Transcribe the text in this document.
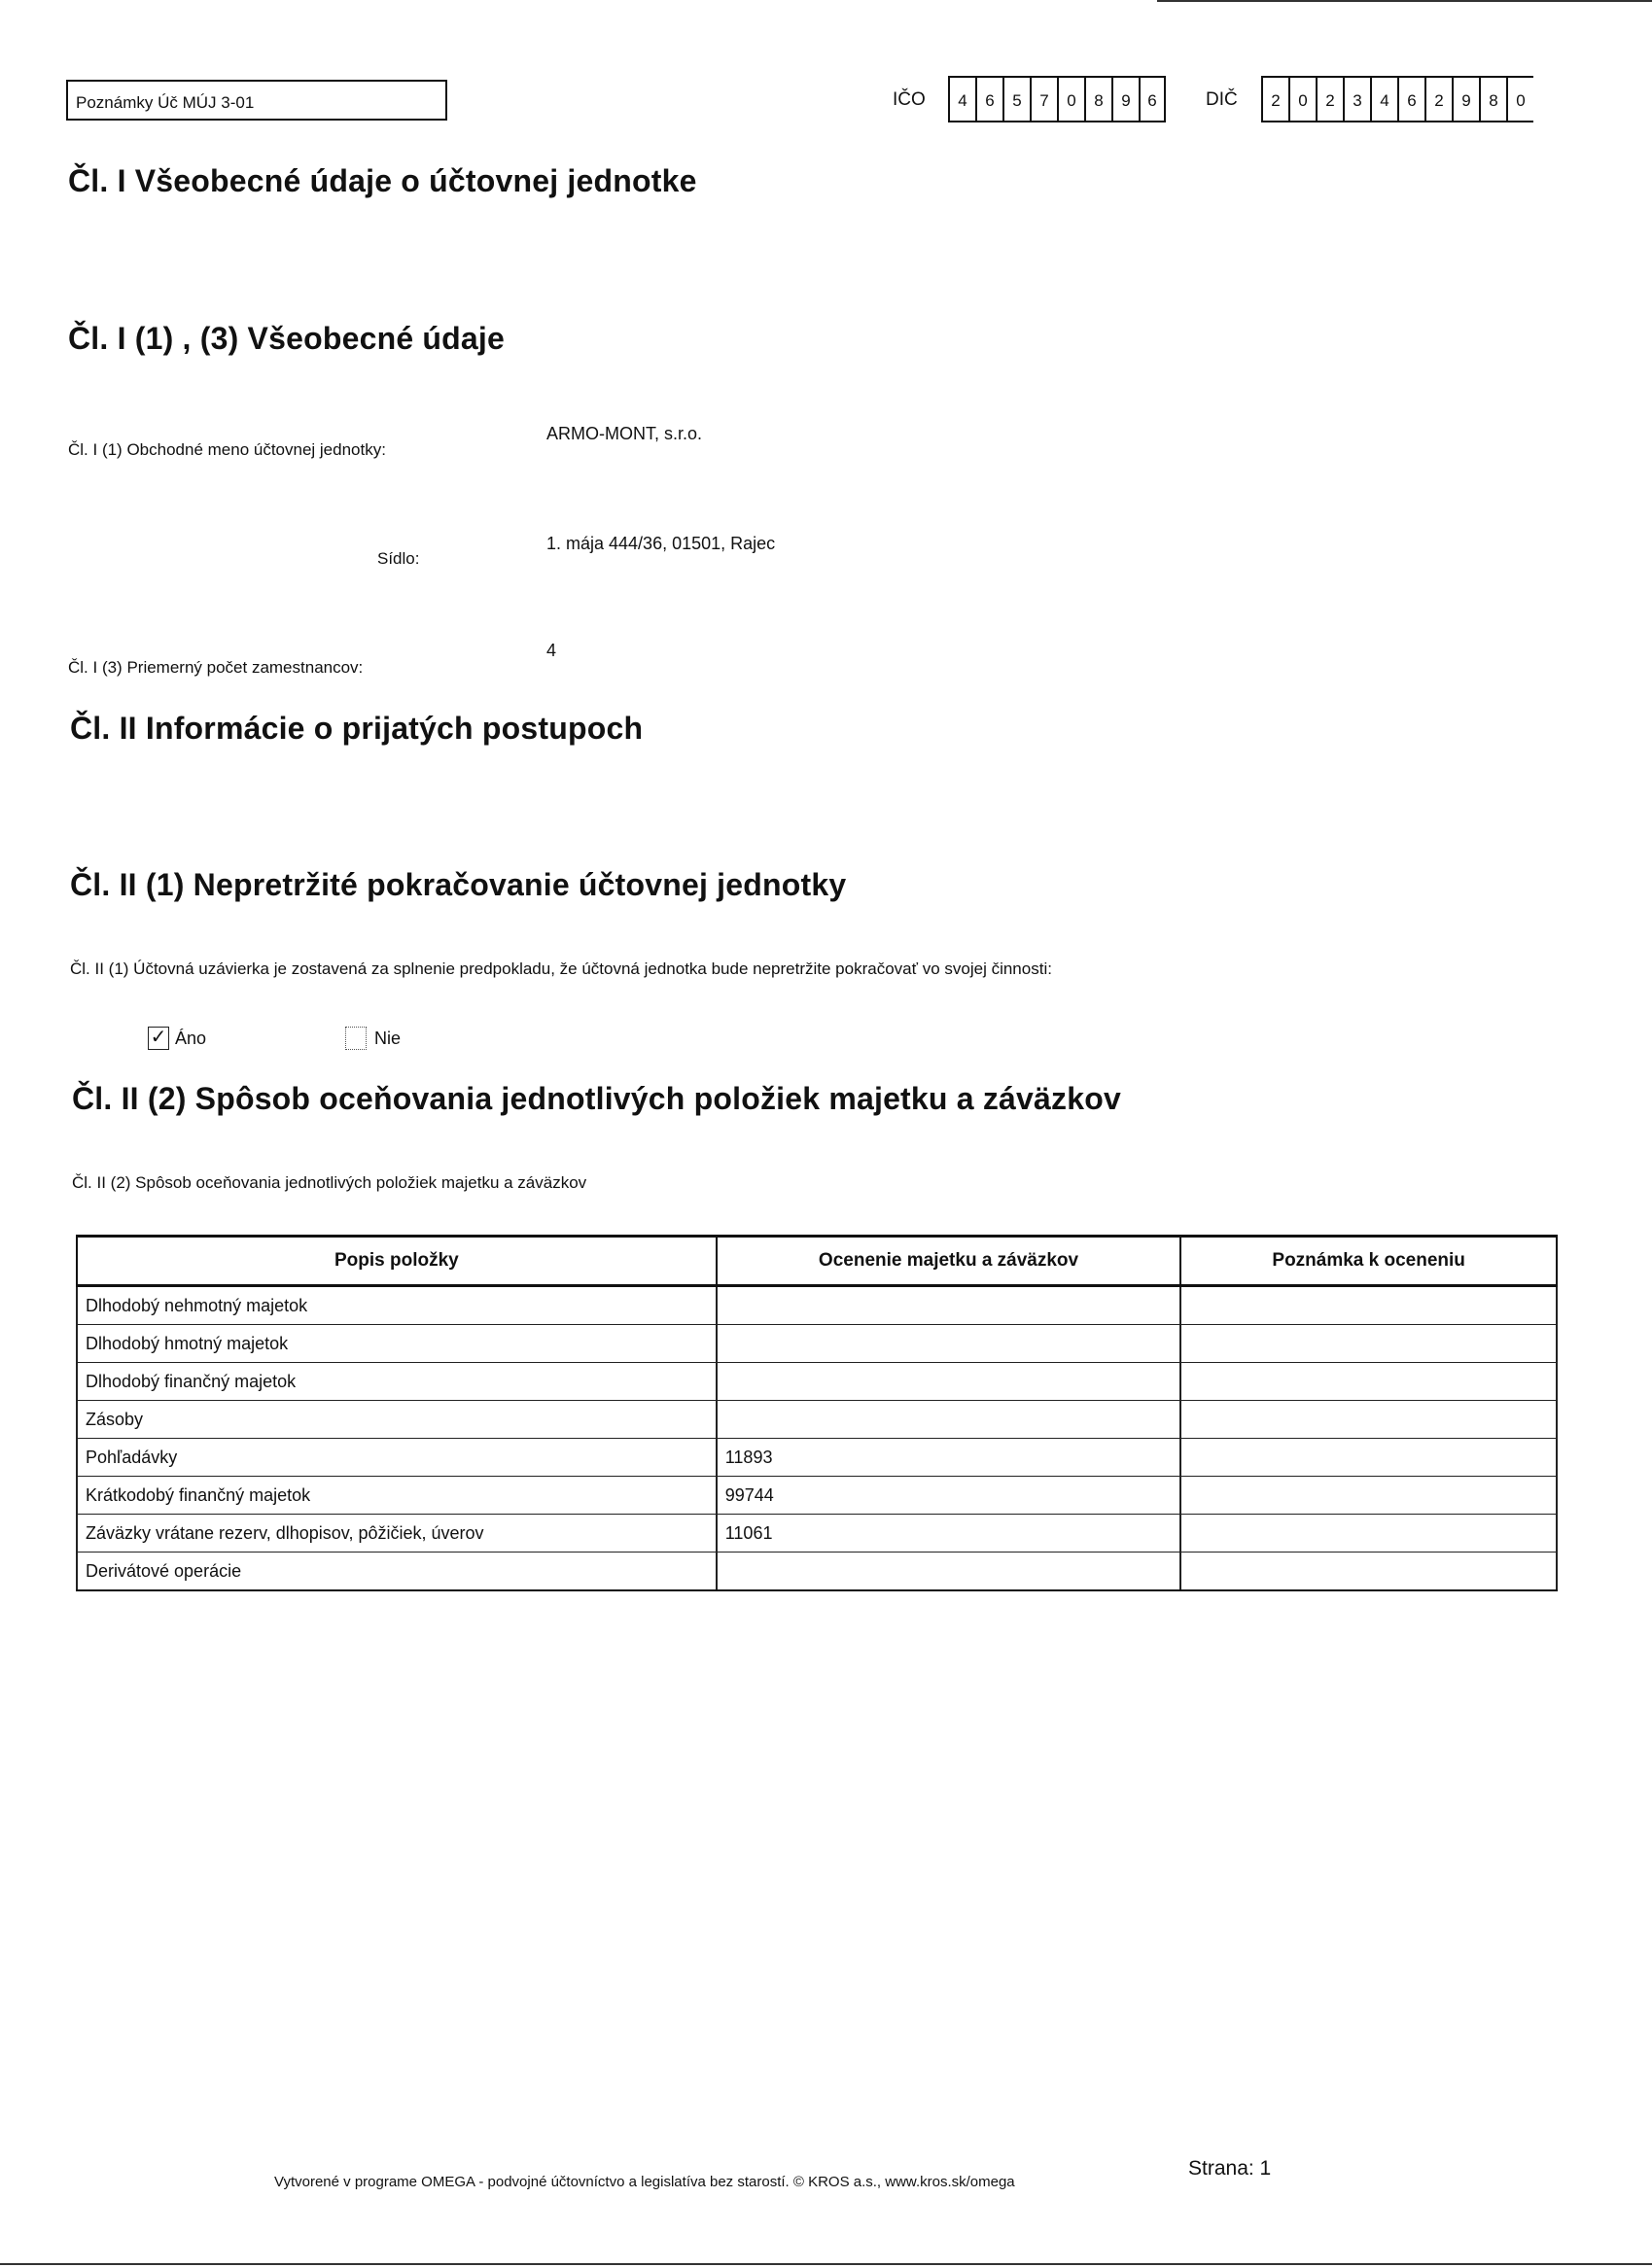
Poznámky Úč MÚJ 3-01	IČO	4	6	5	7	0	8	9	6	DIČ	2	0	2	3	4	6	2	9	8	0
Čl. I Všeobecné údaje o účtovnej jednotke
Čl. I (1) , (3) Všeobecné údaje
Čl. I (1) Obchodné meno účtovnej jednotky:
ARMO-MONT, s.r.o.
Sídlo:
1. mája 444/36, 01501, Rajec
Čl. I (3) Priemerný počet zamestnancov:
4
Čl. II Informácie o prijatých postupoch
Čl. II (1) Nepretržité pokračovanie účtovnej jednotky
Čl. II (1) Účtovná uzávierka je zostavená za splnenie predpokladu, že účtovná jednotka bude nepretržite pokračovať vo svojej činnosti:
✓ Áno	Nie
Čl. II (2) Spôsob oceňovania jednotlivých položiek majetku a záväzkov
Čl. II (2) Spôsob oceňovania jednotlivých položiek majetku a záväzkov
Popis položky	Ocenenie majetku a záväzkov	Poznámka k oceneniu
Dlhodobý nehmotný majetok		
Dlhodobý hmotný majetok		
Dlhodobý finančný majetok		
Zásoby		
Pohľadávky	11893	
Krátkodobý finančný majetok	99744	
Záväzky vrátane rezerv, dlhopisov, pôžičiek, úverov	11061	
Derivátové operácie		
Vytvorené v programe OMEGA - podvojné účtovníctvo a legislatíva bez starostí. © KROS a.s., www.kros.sk/omega
Strana: 1
